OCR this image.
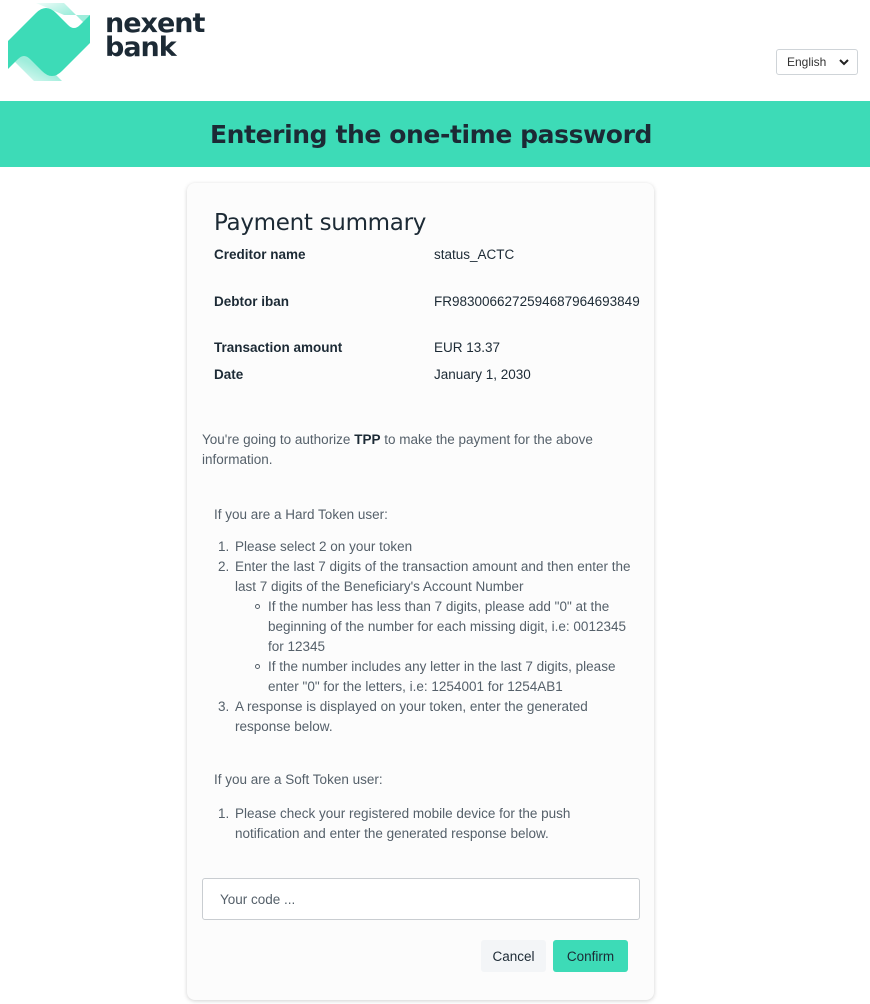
nexent
bank	English
Entering the one-time password
Payment summary
Creditor name	status_ACTC
Debtor iban	FR9830066272594687964693849
Transaction amount	EUR 13.37
Date	January 1, 2030

You're going to authorize TPP to make the payment for the above information.

If you are a Hard Token user:

1. Please select 2 on your token
2. Enter the last 7 digits of the transaction amount and then enter the last 7 digits of the Beneficiary's Account Number
If the number has less than 7 digits, please add "0" at the beginning of the number for each missing digit, i.e: 0012345 for 12345
If the number includes any letter in the last 7 digits, please enter "0" for the letters, i.e: 1254001 for 1254AB1
3. A response is displayed on your token, enter the generated response below.

If you are a Soft Token user:

1. Please check your registered mobile device for the push notification and enter the generated response below.
Your code ...
Cancel	Confirm
